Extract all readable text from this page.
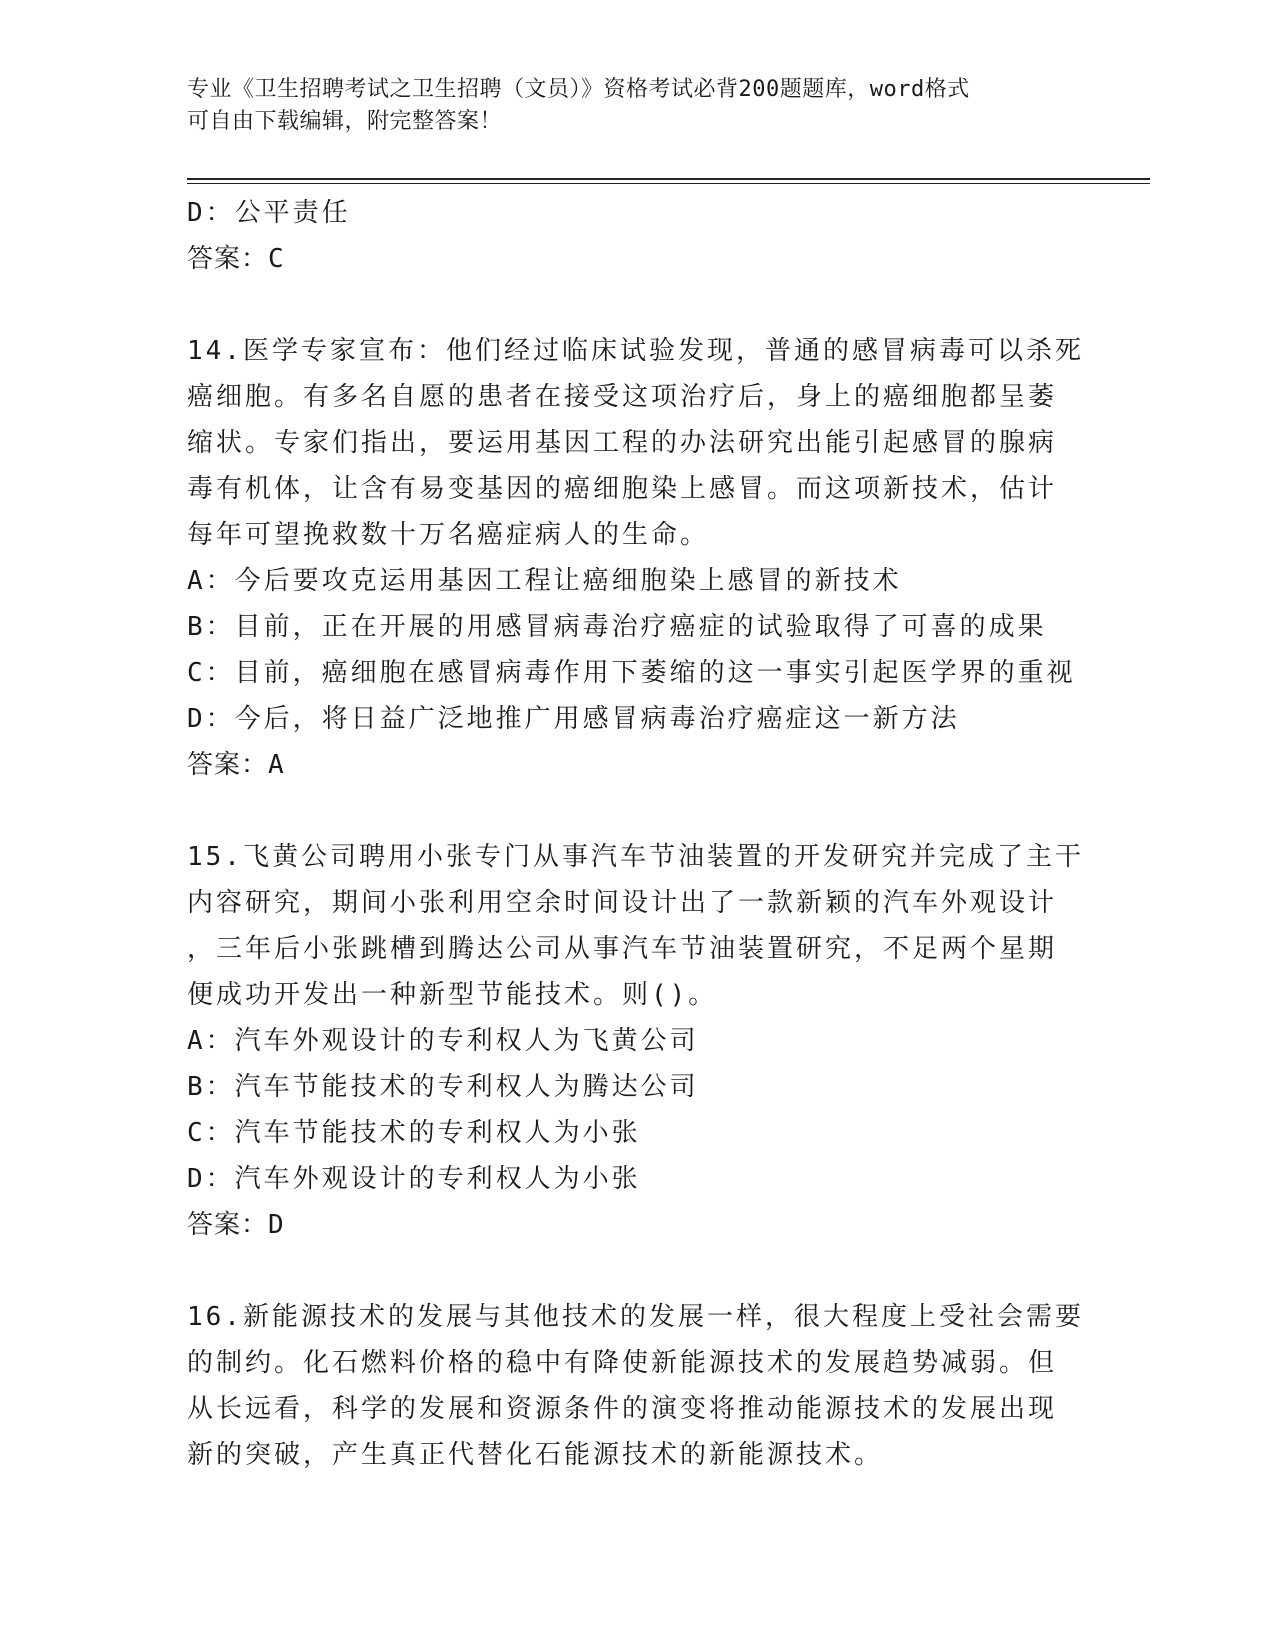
专业《卫生招聘考试之卫生招聘（文员）》资格考试必背200题题库，word格式
可自由下载编辑，附完整答案！
D：公平责任
答案：C
14.医学专家宣布：他们经过临床试验发现，普通的感冒病毒可以杀死
癌细胞。有多名自愿的患者在接受这项治疗后，身上的癌细胞都呈萎
缩状。专家们指出，要运用基因工程的办法研究出能引起感冒的腺病
毒有机体，让含有易变基因的癌细胞染上感冒。而这项新技术，估计
每年可望挽救数十万名癌症病人的生命。
A：今后要攻克运用基因工程让癌细胞染上感冒的新技术
B：目前，正在开展的用感冒病毒治疗癌症的试验取得了可喜的成果
C：目前，癌细胞在感冒病毒作用下萎缩的这一事实引起医学界的重视
D：今后，将日益广泛地推广用感冒病毒治疗癌症这一新方法
答案：A
15.飞黄公司聘用小张专门从事汽车节油装置的开发研究并完成了主干
内容研究，期间小张利用空余时间设计出了一款新颖的汽车外观设计
，三年后小张跳槽到腾达公司从事汽车节油装置研究，不足两个星期
便成功开发出一种新型节能技术。则()。
A：汽车外观设计的专利权人为飞黄公司
B：汽车节能技术的专利权人为腾达公司
C：汽车节能技术的专利权人为小张
D：汽车外观设计的专利权人为小张
答案：D
16.新能源技术的发展与其他技术的发展一样，很大程度上受社会需要
的制约。化石燃料价格的稳中有降使新能源技术的发展趋势减弱。但
从长远看，科学的发展和资源条件的演变将推动能源技术的发展出现
新的突破，产生真正代替化石能源技术的新能源技术。
